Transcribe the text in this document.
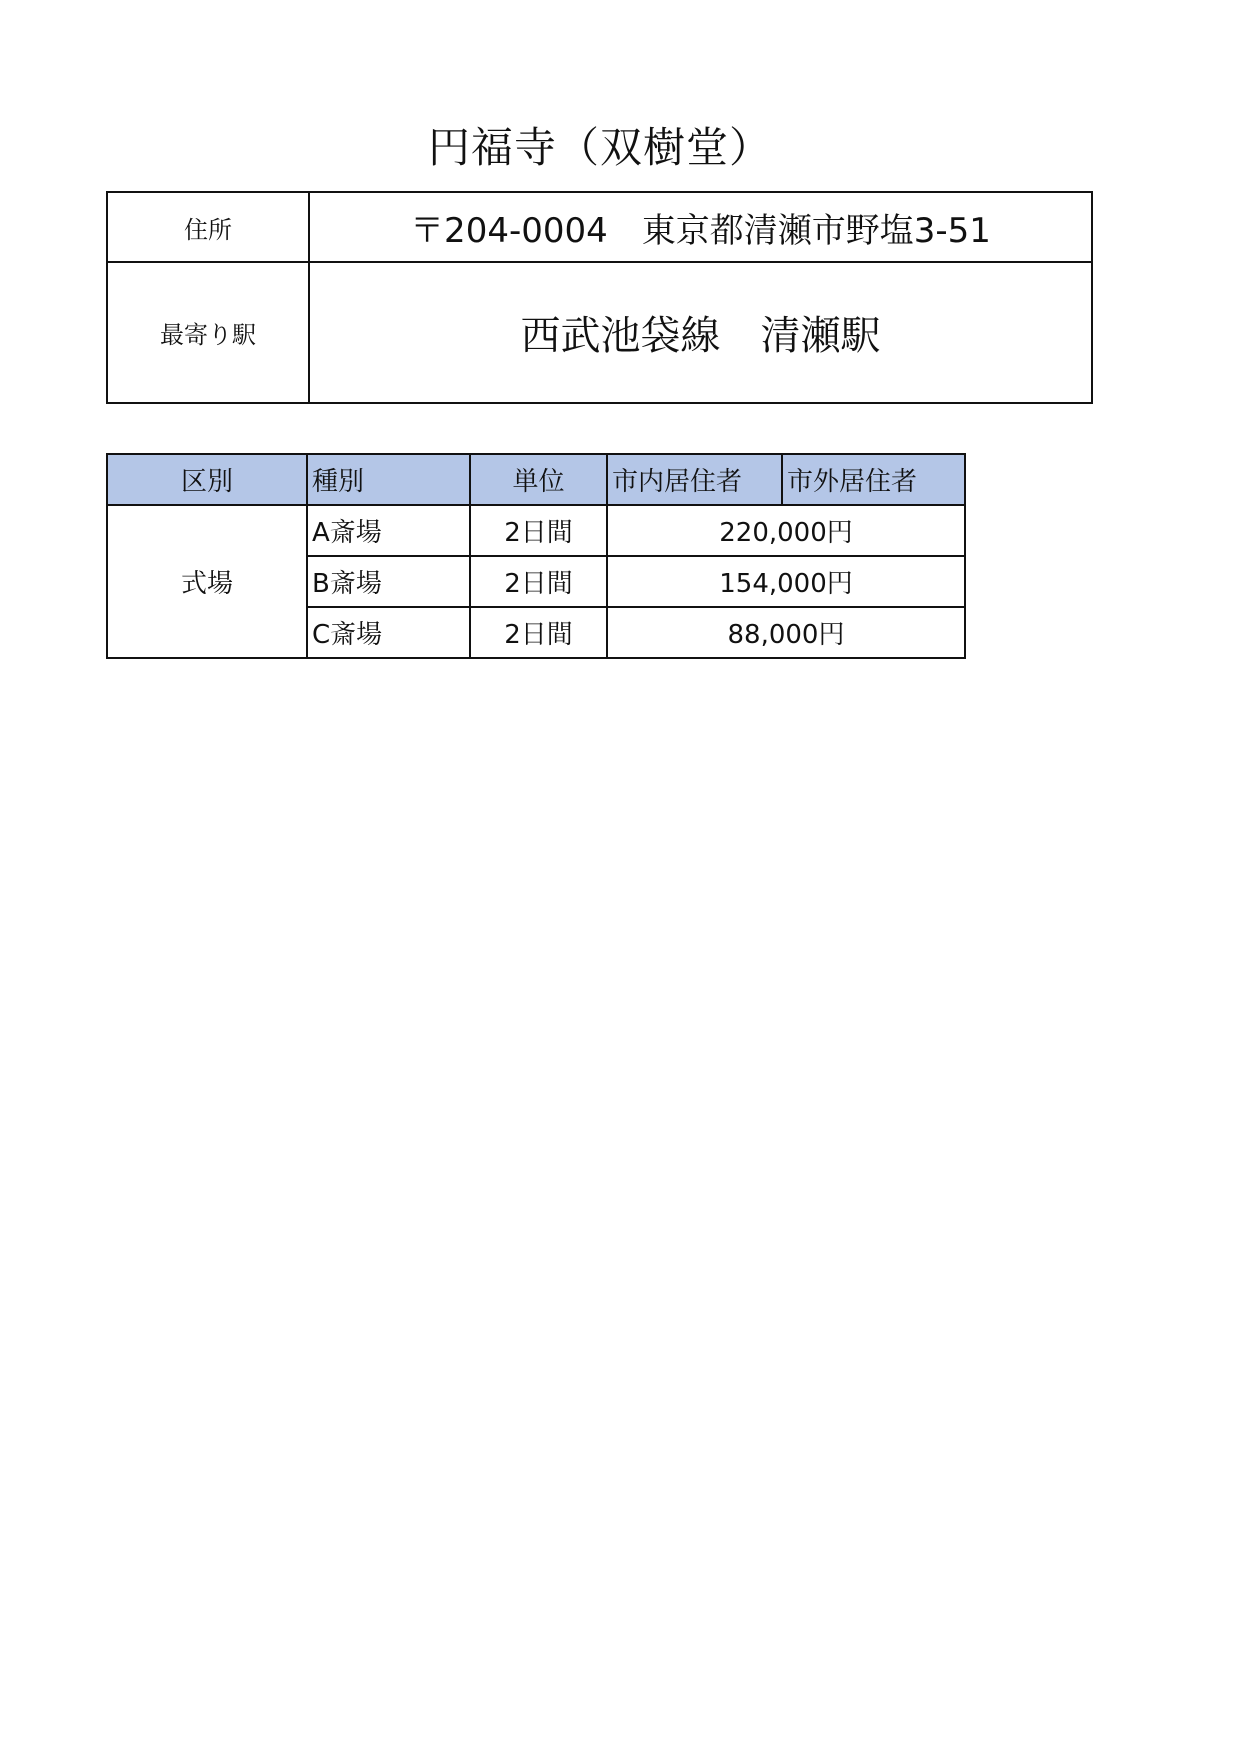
円福寺（双樹堂）
住所	〒204-0004　東京都清瀬市野塩3-51
最寄り駅	西武池袋線　清瀬駅
区別	種別	単位	市内居住者	市外居住者
式場	A斎場	2日間	220,000円	
	B斎場	2日間	154,000円	
	C斎場	2日間	88,000円	
